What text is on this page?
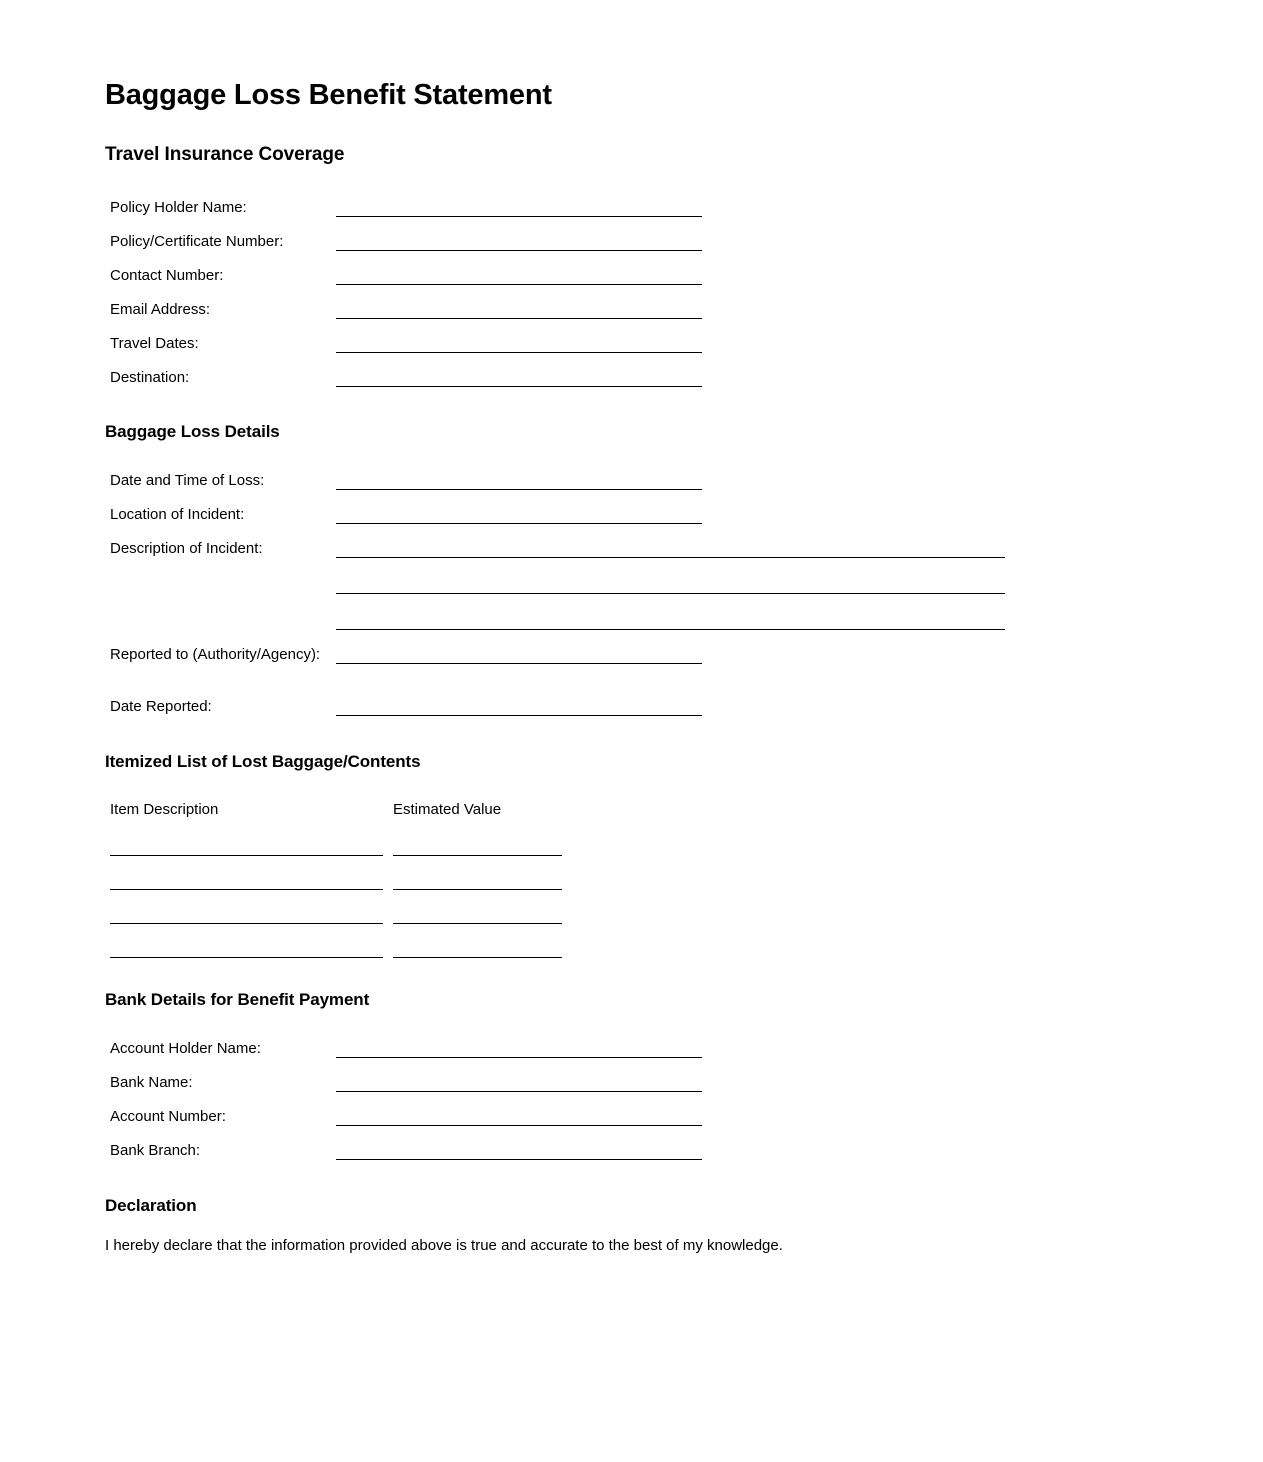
Baggage Loss Benefit Statement
Travel Insurance Coverage
Policy Holder Name:
Policy/Certificate Number:
Contact Number:
Email Address:
Travel Dates:
Destination:
Baggage Loss Details
Date and Time of Loss:
Location of Incident:
Description of Incident:
Reported to (Authority/Agency):
Date Reported:
Itemized List of Lost Baggage/Contents
Item Description	Estimated Value
Bank Details for Benefit Payment
Account Holder Name:
Bank Name:
Account Number:
Bank Branch:
Declaration
I hereby declare that the information provided above is true and accurate to the best of my knowledge.
